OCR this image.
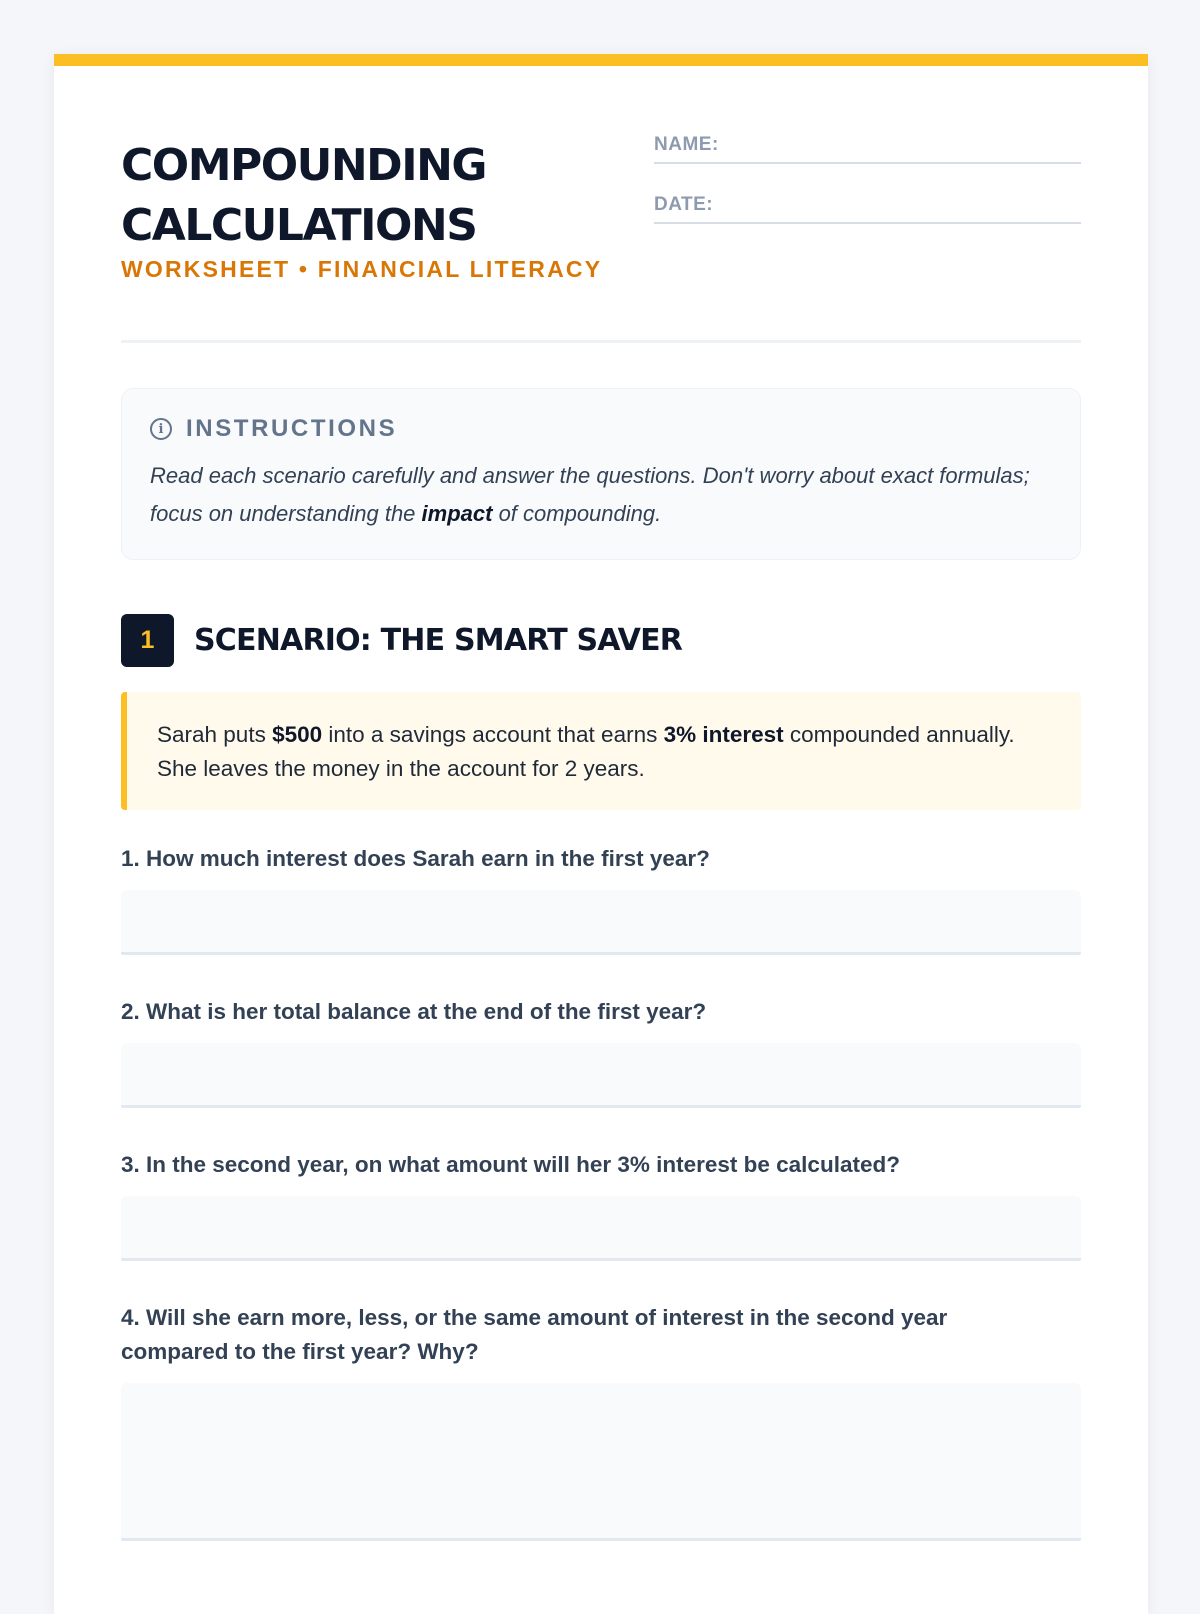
COMPOUNDING
CALCULATIONS
WORKSHEET • FINANCIAL LITERACY
NAME:
DATE:
i INSTRUCTIONS
Read each scenario carefully and answer the questions. Don't worry about exact formulas; focus on understanding the impact of compounding.
1	SCENARIO: THE SMART SAVER
Sarah puts $500 into a savings account that earns 3% interest compounded annually. She leaves the money in the account for 2 years.
1. How much interest does Sarah earn in the first year?
2. What is her total balance at the end of the first year?
3. In the second year, on what amount will her 3% interest be calculated?
4. Will she earn more, less, or the same amount of interest in the second year compared to the first year? Why?
